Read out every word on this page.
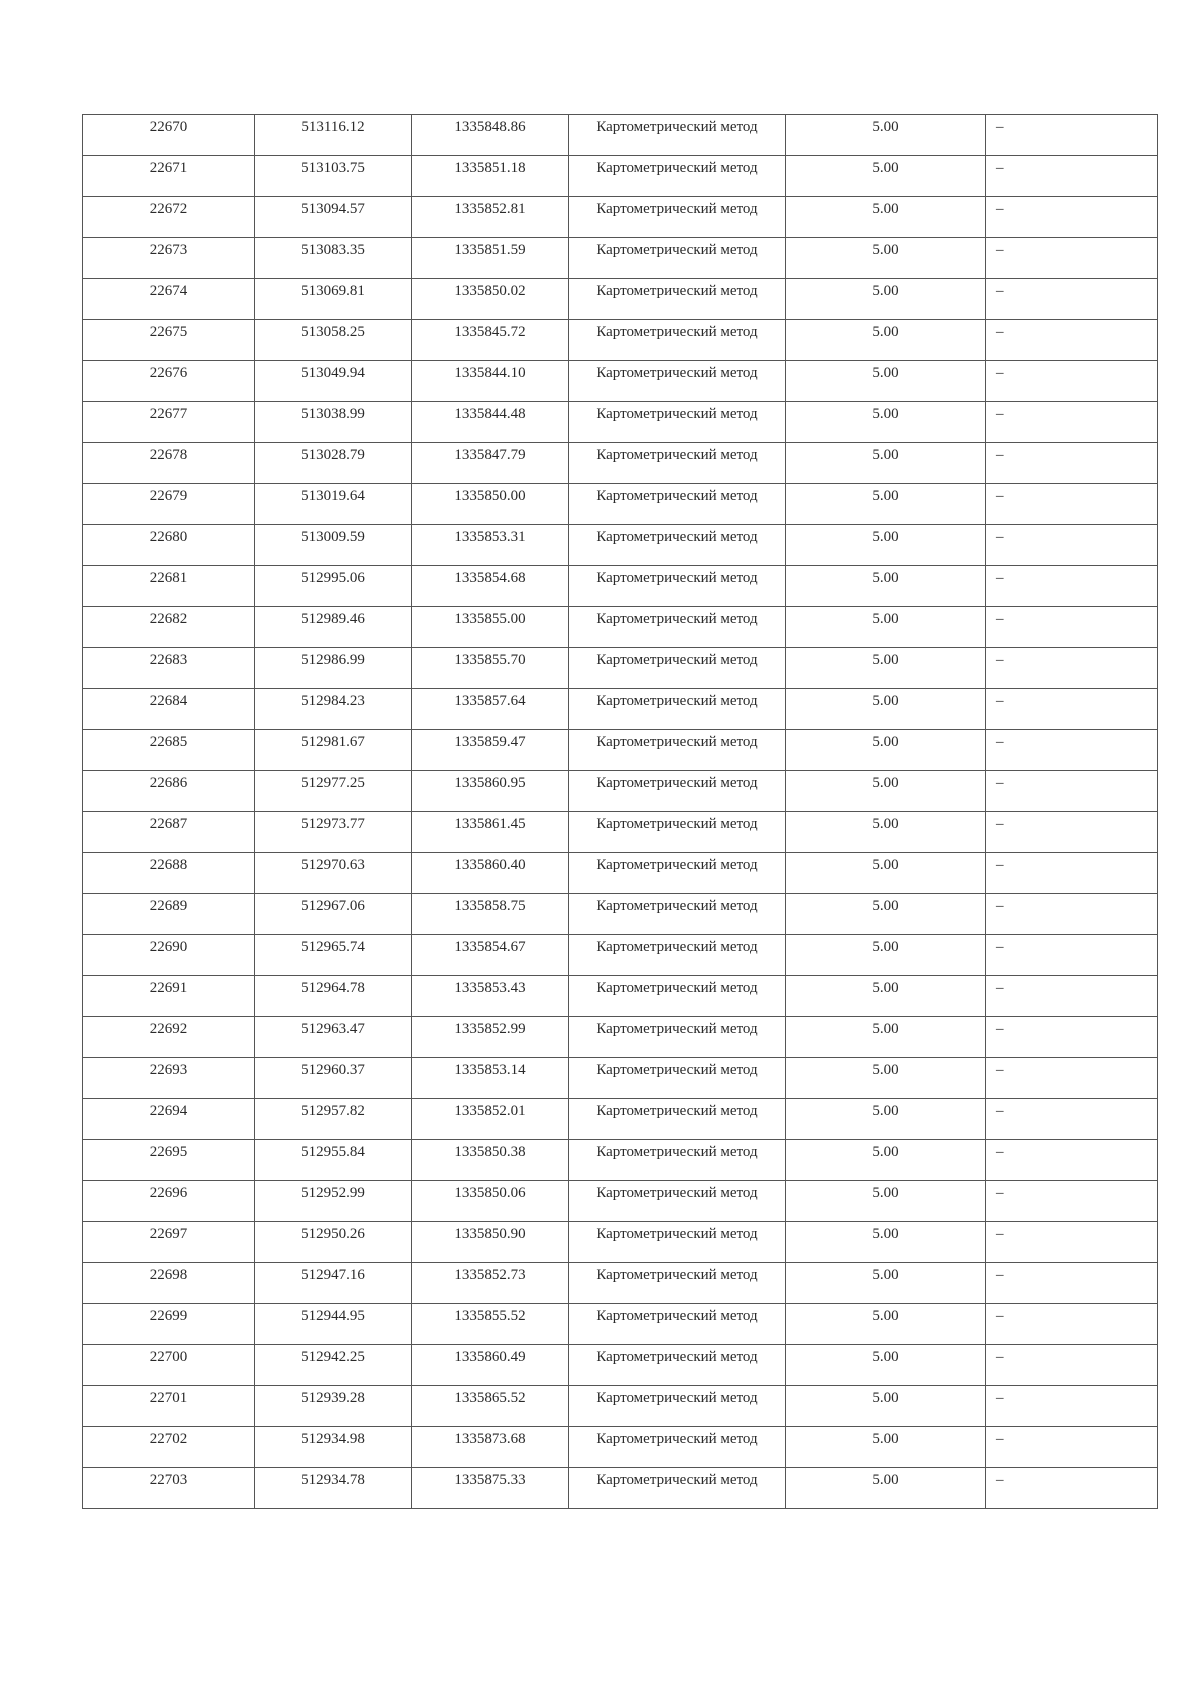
22670	513116.12	1335848.86	Картометрический метод	5.00	–

22671	513103.75	1335851.18	Картометрический метод	5.00	–

22672	513094.57	1335852.81	Картометрический метод	5.00	–

22673	513083.35	1335851.59	Картометрический метод	5.00	–

22674	513069.81	1335850.02	Картометрический метод	5.00	–

22675	513058.25	1335845.72	Картометрический метод	5.00	–

22676	513049.94	1335844.10	Картометрический метод	5.00	–

22677	513038.99	1335844.48	Картометрический метод	5.00	–

22678	513028.79	1335847.79	Картометрический метод	5.00	–

22679	513019.64	1335850.00	Картометрический метод	5.00	–

22680	513009.59	1335853.31	Картометрический метод	5.00	–

22681	512995.06	1335854.68	Картометрический метод	5.00	–

22682	512989.46	1335855.00	Картометрический метод	5.00	–

22683	512986.99	1335855.70	Картометрический метод	5.00	–

22684	512984.23	1335857.64	Картометрический метод	5.00	–

22685	512981.67	1335859.47	Картометрический метод	5.00	–

22686	512977.25	1335860.95	Картометрический метод	5.00	–

22687	512973.77	1335861.45	Картометрический метод	5.00	–

22688	512970.63	1335860.40	Картометрический метод	5.00	–

22689	512967.06	1335858.75	Картометрический метод	5.00	–

22690	512965.74	1335854.67	Картометрический метод	5.00	–

22691	512964.78	1335853.43	Картометрический метод	5.00	–

22692	512963.47	1335852.99	Картометрический метод	5.00	–

22693	512960.37	1335853.14	Картометрический метод	5.00	–

22694	512957.82	1335852.01	Картометрический метод	5.00	–

22695	512955.84	1335850.38	Картометрический метод	5.00	–

22696	512952.99	1335850.06	Картометрический метод	5.00	–

22697	512950.26	1335850.90	Картометрический метод	5.00	–

22698	512947.16	1335852.73	Картометрический метод	5.00	–

22699	512944.95	1335855.52	Картометрический метод	5.00	–

22700	512942.25	1335860.49	Картометрический метод	5.00	–

22701	512939.28	1335865.52	Картометрический метод	5.00	–

22702	512934.98	1335873.68	Картометрический метод	5.00	–

22703	512934.78	1335875.33	Картометрический метод	5.00	–
